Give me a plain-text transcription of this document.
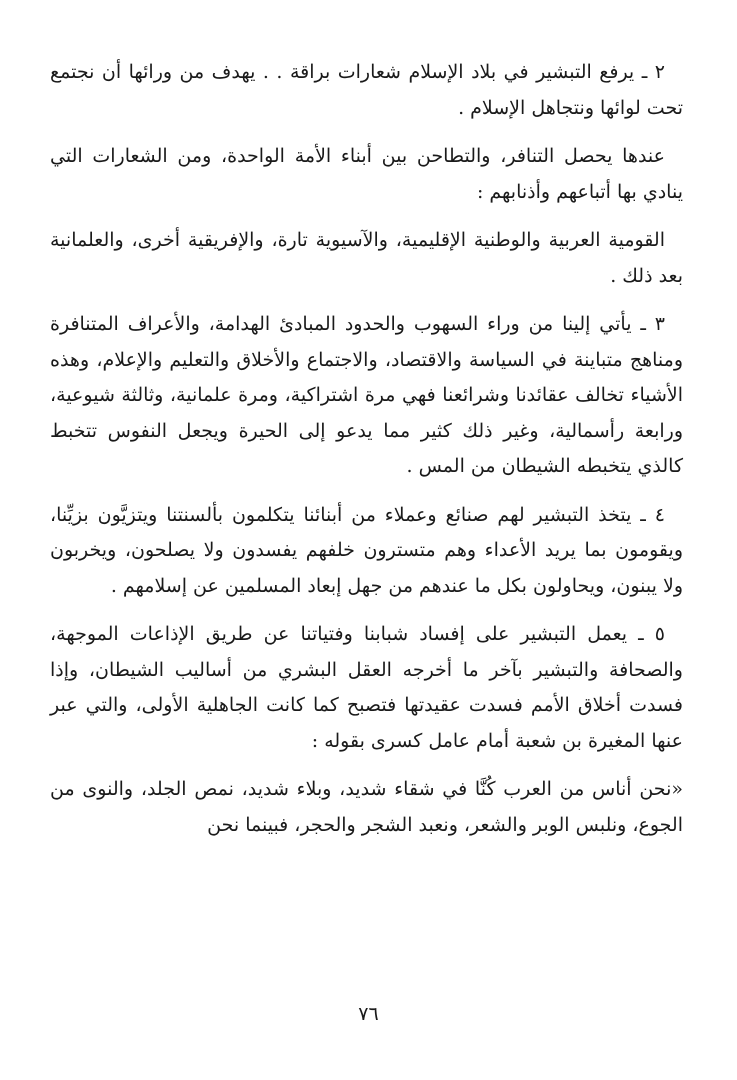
٢ ـ يرفع التبشير في بلاد الإسلام شعارات براقة . . يهدف من ورائها أن نجتمع تحت لوائها ونتجاهل الإسلام .

عندها يحصل التنافر، والتطاحن بين أبناء الأمة الواحدة، ومن الشعارات التي ينادي بها أتباعهم وأذنابهم :

القومية العربية والوطنية الإقليمية، والآسيوية تارة، والإفريقية أخرى، والعلمانية بعد ذلك .

٣ ـ يأتي إلينا من وراء السهوب والحدود المبادئ الهدامة، والأعراف المتنافرة ومناهج متباينة في السياسة والاقتصاد، والاجتماع والأخلاق والتعليم والإعلام، وهذه الأشياء تخالف عقائدنا وشرائعنا فهي مرة اشتراكية، ومرة علمانية، وثالثة شيوعية، ورابعة رأسمالية، وغير ذلك كثير مما يدعو إلى الحيرة ويجعل النفوس تتخبط كالذي يتخبطه الشيطان من المس .

٤ ـ يتخذ التبشير لهم صنائع وعملاء من أبنائنا يتكلمون بألسنتنا ويتزيَّون بزيِّنا، ويقومون بما يريد الأعداء وهم متسترون خلفهم يفسدون ولا يصلحون، ويخربون ولا يبنون، ويحاولون بكل ما عندهم من جهل إبعاد المسلمين عن إسلامهم .

٥ ـ يعمل التبشير على إفساد شبابنا وفتياتنا عن طريق الإذاعات الموجهة، والصحافة والتبشير بآخر ما أخرجه العقل البشري من أساليب الشيطان، وإذا فسدت أخلاق الأمم فسدت عقيدتها فتصبح كما كانت الجاهلية الأولى، والتي عبر عنها المغيرة بن شعبة أمام عامل كسرى بقوله :

«نحن أناس من العرب كُنَّا في شقاء شديد، وبلاء شديد، نمص الجلد، والنوى من الجوع، ونلبس الوبر والشعر، ونعبد الشجر والحجر، فبينما نحن

٧٦
